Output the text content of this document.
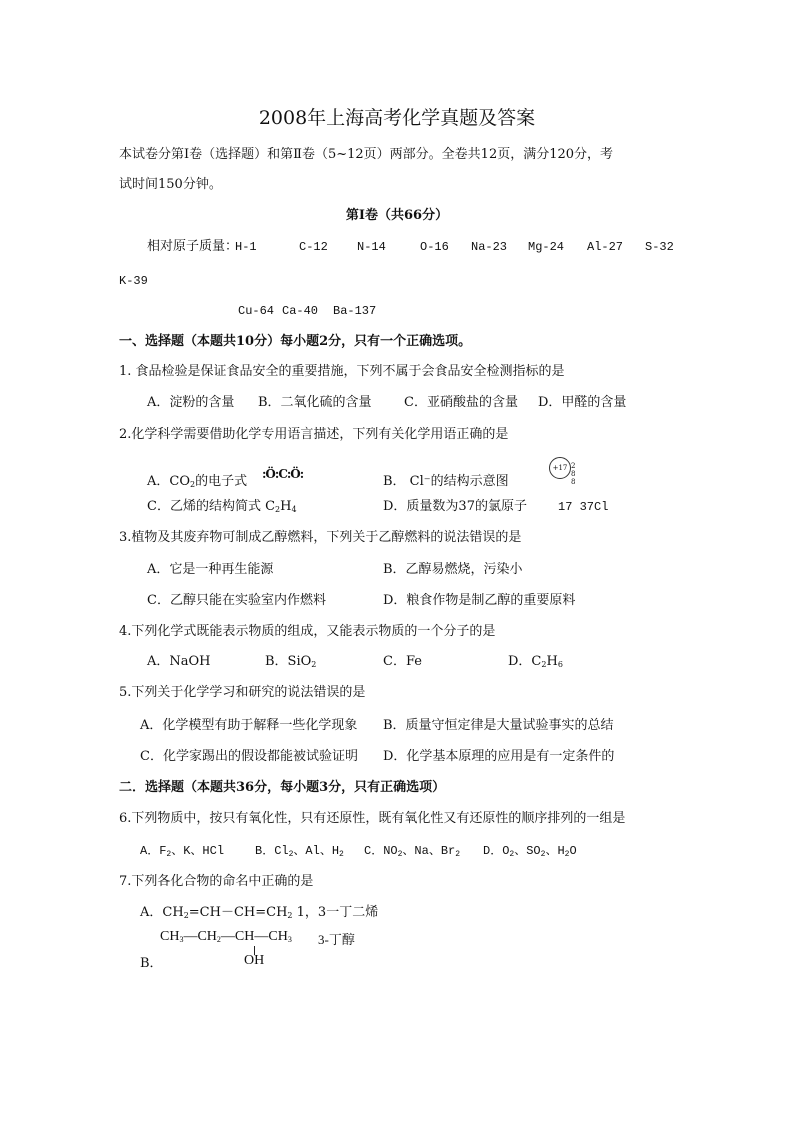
2008年上海高考化学真题及答案
本试卷分第Ⅰ卷（选择题）和第Ⅱ卷（5~12页）两部分。全卷共12页，满分120分，考
试时间150分钟。
第Ⅰ卷（共66分）
相对原子质量：
H-1	C-12 N-14	O-16 Na-23 Mg-24 Al-27 S-32
K-39
Cu-64 Ca-40 Ba-137
一、选择题（本题共10分）每小题2分，只有一个正确选项。
1. 食品检验是保证食品安全的重要措施，下列不属于会食品安全检测指标的是
A．淀粉的含量 B．二氧化硫的含量 C．亚硝酸盐的含量 D．甲醛的含量
2.化学科学需要借助化学专用语言描述，下列有关化学用语正确的是
A．$CO_2$的电子式 :Ö:C:Ö:	B． Cl⁻的结构示意图
+17 2 8 8
C．乙烯的结构简式 $C_2H_4$	D．质量数为37的氯原子	17 37Cl
3.植物及其废弃物可制成乙醇燃料，下列关于乙醇燃料的说法错误的是
A．它是一种再生能源	B．乙醇易燃烧，污染小
C．乙醇只能在实验室内作燃料	D．粮食作物是制乙醇的重要原料
4.下列化学式既能表示物质的组成，又能表示物质的一个分子的是
A．NaOH	B．SiO$_2$	C．Fe	D．$C_2H_6$
5.下列关于化学学习和研究的说法错误的是
A．化学模型有助于解释一些化学现象 B．质量守恒定律是大量试验事实的总结
C．化学家踢出的假设都能被试验证明 D．化学基本原理的应用是有一定条件的
二．选择题（本题共36分，每小题3分，只有正确选项）
6.下列物质中，按只有氧化性，只有还原性，既有氧化性又有还原性的顺序排列的一组是
A．$F_2$、K、HCl	B．$Cl_2$、Al、$H_2$ C．$NO_2$、Na、$Br_2$ D．$O_2$、$SO_2$、$H_2O$
7.下列各化合物的命名中正确的是
A．$CH_2=CH-CH=CH_2$ 1，3一丁二烯
$CH_3—CH_2—CH—CH_3$ 3-丁醇
OH
B．
